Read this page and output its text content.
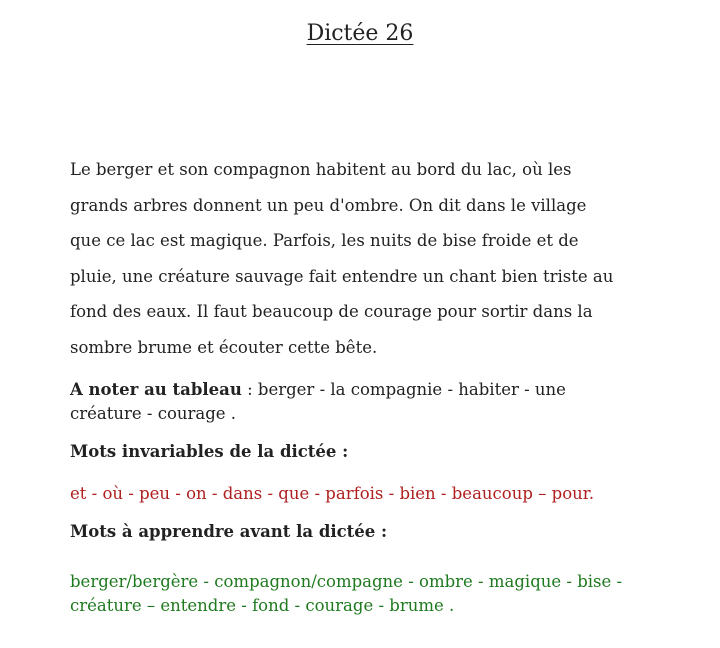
Dictée 26
Le berger et son compagnon habitent au bord du lac, où les
grands arbres donnent un peu d'ombre. On dit dans le village
que ce lac est magique. Parfois, les nuits de bise froide et de
pluie, une créature sauvage fait entendre un chant bien triste au
fond des eaux. Il faut beaucoup de courage pour sortir dans la
sombre brume et écouter cette bête.
A noter au tableau : berger - la compagnie - habiter - une
créature - courage .
Mots invariables de la dictée :
et - où - peu - on - dans - que - parfois - bien - beaucoup – pour.
Mots à apprendre avant la dictée :
berger/bergère - compagnon/compagne - ombre - magique - bise -
créature – entendre - fond - courage - brume .
